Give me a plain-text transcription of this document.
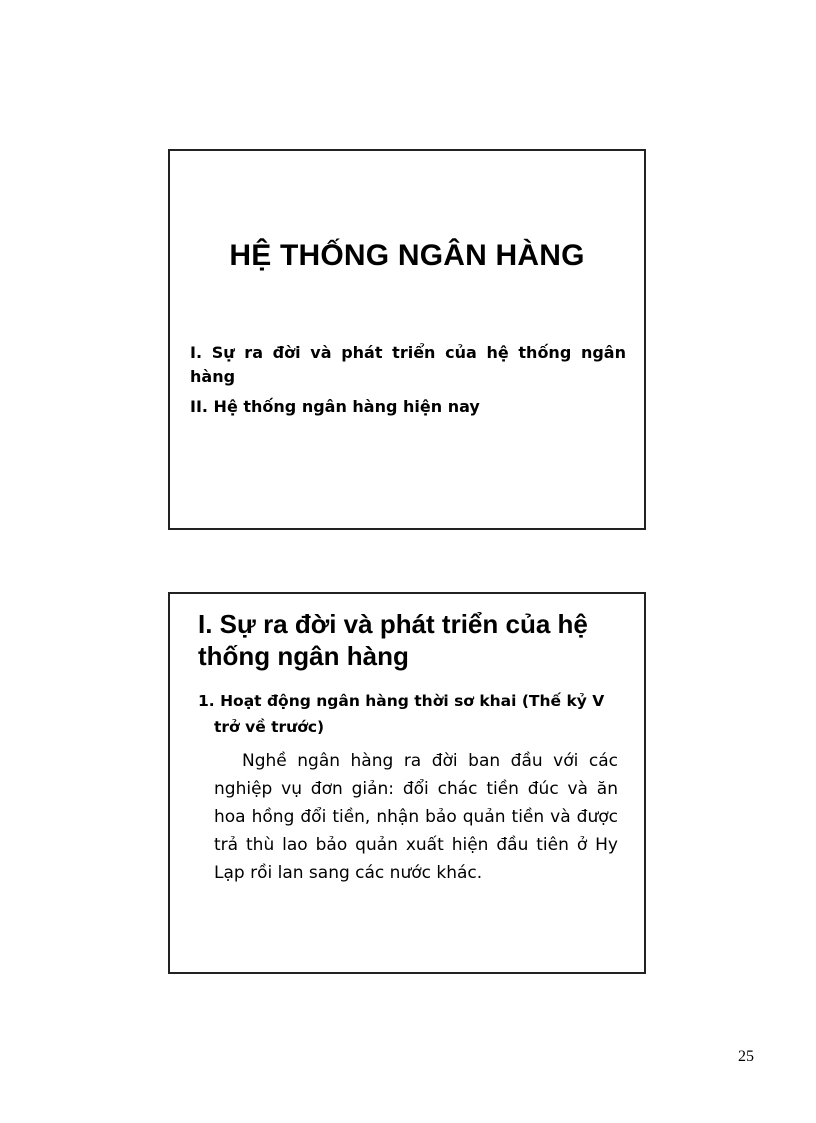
HỆ THỐNG NGÂN HÀNG
I. Sự ra đời và phát triển của hệ thống ngân hàng
II. Hệ thống ngân hàng hiện nay
I. Sự ra đời và phát triển của hệ thống ngân hàng
1. Hoạt động ngân hàng thời sơ khai (Thế kỷ V trở về trước)
Nghề ngân hàng ra đời ban đầu với các nghiệp vụ đơn giản: đổi chác tiền đúc và ăn hoa hồng đổi tiền, nhận bảo quản tiền và được trả thù lao bảo quản xuất hiện đầu tiên ở Hy Lạp rồi lan sang các nước khác.
25
